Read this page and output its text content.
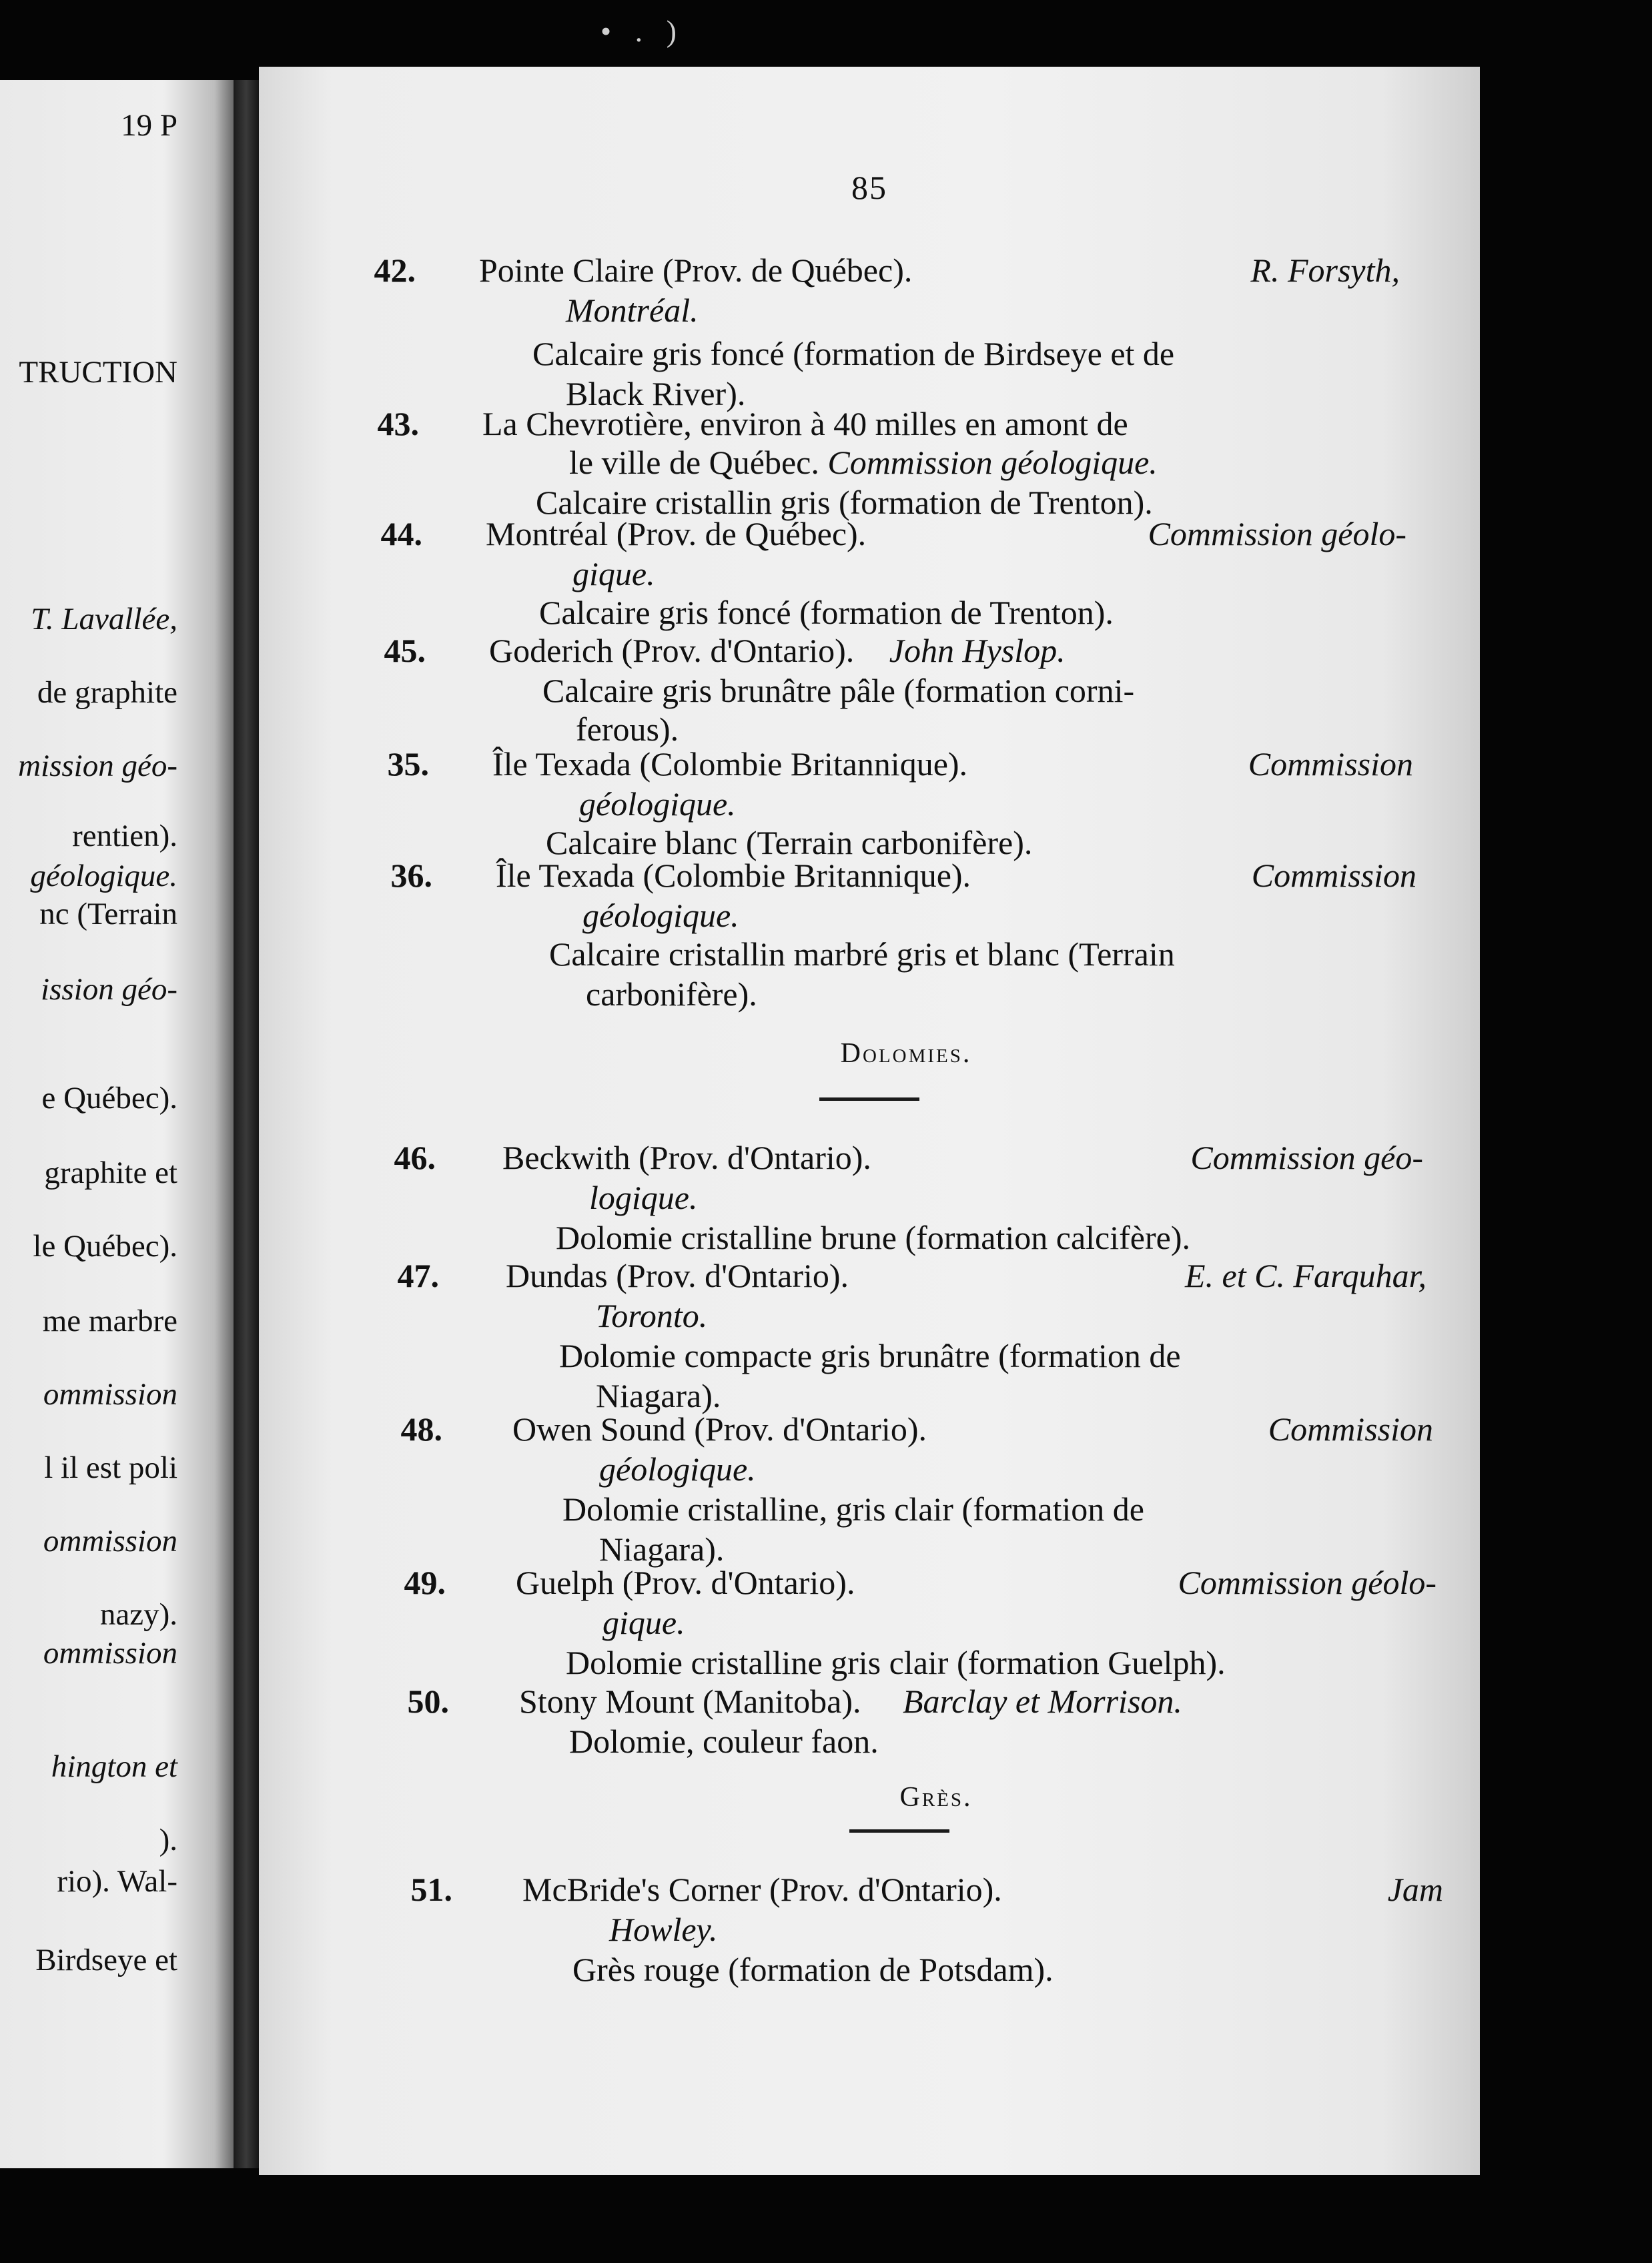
• . )
19 P
TRUCTION
T. Lavallée,
de graphite
mission géo-
rentien).
géologique.
nc (Terrain
ission géo-
e Québec).
graphite et
le Québec).
me marbre
ommission
l il est poli
ommission
nazy).
ommission
hington et
).
rio). Wal-
Birdseye et
85
42. Pointe Claire (Prov. de Québec).	R. Forsyth,
Montréal.
Calcaire gris foncé (formation de Birdseye et de
Black River).
43. La Chevrotière, environ à 40 milles en amont de
le ville de Québec. Commission géologique.
Calcaire cristallin gris (formation de Trenton).
44. Montréal (Prov. de Québec).	Commission géolo-
gique.
Calcaire gris foncé (formation de Trenton).
45. Goderich (Prov. d'Ontario). John Hyslop.
Calcaire gris brunâtre pâle (formation corni-
ferous).
35. Île Texada (Colombie Britannique).	Commission
géologique.
Calcaire blanc (Terrain carbonifère).
36. Île Texada (Colombie Britannique).	Commission
géologique.
Calcaire cristallin marbré gris et blanc (Terrain
carbonifère).
Dolomies.
46. Beckwith (Prov. d'Ontario).	Commission géo-
logique.
Dolomie cristalline brune (formation calcifère).
47. Dundas (Prov. d'Ontario).	E. et C. Farquhar,
Toronto.
Dolomie compacte gris brunâtre (formation de
Niagara).
48. Owen Sound (Prov. d'Ontario).	Commission
géologique.
Dolomie cristalline, gris clair (formation de
Niagara).
49. Guelph (Prov. d'Ontario).	Commission géolo-
gique.
Dolomie cristalline gris clair (formation Guelph).
50. Stony Mount (Manitoba). Barclay et Morrison.
Dolomie, couleur faon.
Grès.
51. McBride's Corner (Prov. d'Ontario).	Jam
Howley.
Grès rouge (formation de Potsdam).
